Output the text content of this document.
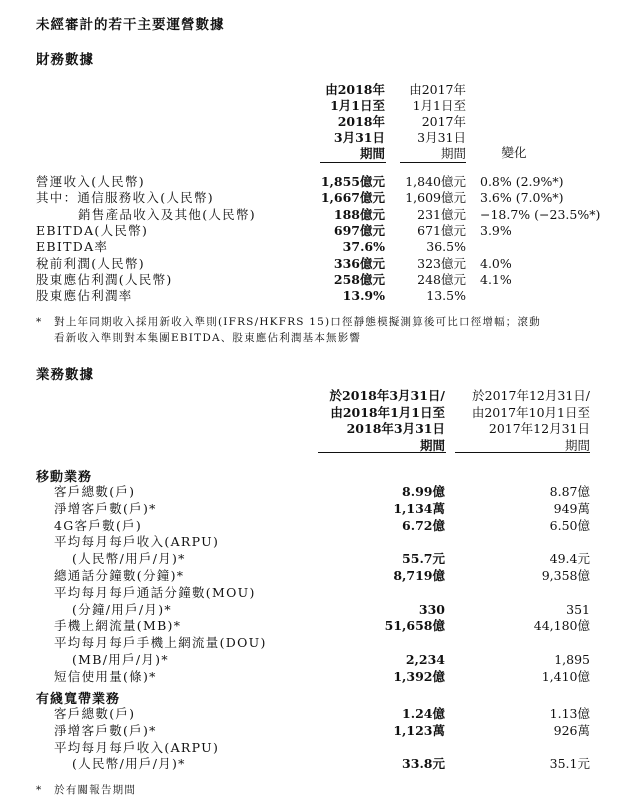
未經審計的若干主要運營數據
財務數據
由2018年
1月1日至
2018年
3月31日
期間
由2017年
1月1日至
2017年
3月31日
期間	變化
營運收入(人民幣)	1,855億元	1,840億元 0.8% (2.9%*)
其中：通信服務收入(人民幣)	1,667億元	1,609億元 3.6% (7.0%*)
銷售產品收入及其他(人民幣)	188億元	231億元 −18.7% (−23.5%*)
EBITDA(人民幣)	697億元	671億元 3.9%
EBITDA率	37.6%	36.5%
稅前利潤(人民幣)	336億元	323億元 4.0%
股東應佔利潤(人民幣)	258億元	248億元 4.1%
股東應佔利潤率	13.9%	13.5%
*　對上年同期收入採用新收入準則(IFRS/HKFRS 15)口徑靜態模擬測算後可比口徑增幅；滾動
看新收入準則對本集團EBITDA、股東應佔利潤基本無影響
業務數據
於2018年3月31日/
由2018年1月1日至
2018年3月31日
期間
於2017年12月31日/
由2017年10月1日至
2017年12月31日
期間
移動業務
客戶總數(戶)	8.99億	8.87億
淨增客戶數(戶)*	1,134萬	949萬
4G客戶數(戶)	6.72億	6.50億
平均每月每戶收入(ARPU)
(人民幣/用戶/月)*	55.7元	49.4元
總通話分鐘數(分鐘)*	8,719億	9,358億
平均每月每戶通話分鐘數(MOU)
(分鐘/用戶/月)*	330	351
手機上網流量(MB)*	51,658億	44,180億
平均每月每戶手機上網流量(DOU)
(MB/用戶/月)*	2,234	1,895
短信使用量(條)*	1,392億	1,410億
有綫寬帶業務
客戶總數(戶)	1.24億	1.13億
淨增客戶數(戶)*	1,123萬	926萬
平均每月每戶收入(ARPU)
(人民幣/用戶/月)*	33.8元	35.1元
*　於有關報告期間
